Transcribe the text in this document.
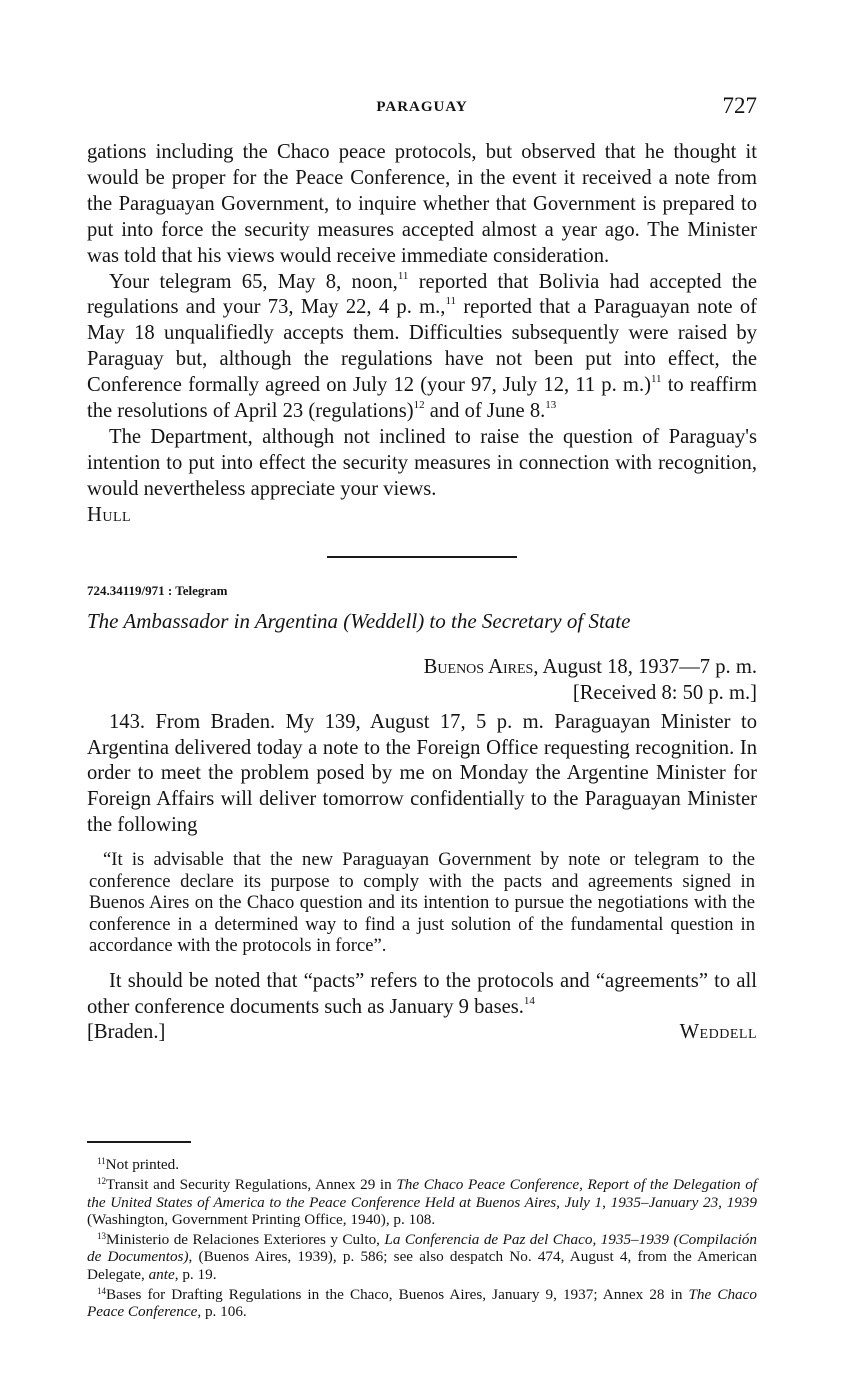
PARAGUAY	727

gations including the Chaco peace protocols, but observed that he thought it would be proper for the Peace Conference, in the event it received a note from the Paraguayan Government, to inquire whether that Government is prepared to put into force the security measures accepted almost a year ago. The Minister was told that his views would receive immediate consideration.

Your telegram 65, May 8, noon,$^{11}$ reported that Bolivia had accepted the regulations and your 73, May 22, 4 p. m.,$^{11}$ reported that a Paraguayan note of May 18 unqualifiedly accepts them. Difficulties subsequently were raised by Paraguay but, although the regulations have not been put into effect, the Conference formally agreed on July 12 (your 97, July 12, 11 p. m.)$^{11}$ to reaffirm the resolutions of April 23 (regulations)$^{12}$ and of June 8.13

The Department, although not inclined to raise the question of Paraguay's intention to put into effect the security measures in connection with recognition, would nevertheless appreciate your views.

Hull

724.34119/971 : Telegram
The Ambassador in Argentina (Weddell) to the Secretary of State
Buenos Aires, August 18, 1937—7 p. m.
[Received 8: 50 p. m.]

143. From Braden. My 139, August 17, 5 p. m. Paraguayan Minister to Argentina delivered today a note to the Foreign Office requesting recognition. In order to meet the problem posed by me on Monday the Argentine Minister for Foreign Affairs will deliver tomorrow confidentially to the Paraguayan Minister the following

“It is advisable that the new Paraguayan Government by note or telegram to the conference declare its purpose to comply with the pacts and agreements signed in Buenos Aires on the Chaco question and its intention to pursue the negotiations with the conference in a determined way to find a just solution of the fundamental question in accordance with the protocols in force”.

It should be noted that “pacts” refers to the protocols and “agreements” to all other conference documents such as January 9 bases.$^{14}$

[Braden.]	Weddell

$^{11}$Not printed.

$^{12}$Transit and Security Regulations, Annex 29 in The Chaco Peace Conference, Report of the Delegation of the United States of America to the Peace Conference Held at Buenos Aires, July 1, 1935–January 23, 1939 (Washington, Government Printing Office, 1940), p. 108.

$^{13}$Ministerio de Relaciones Exteriores y Culto, La Conferencia de Paz del Chaco, 1935–1939 (Compilación de Documentos), (Buenos Aires, 1939), p. 586; see also despatch No. 474, August 4, from the American Delegate, ante, p. 19.

$^{14}$Bases for Drafting Regulations in the Chaco, Buenos Aires, January 9, 1937; Annex 28 in The Chaco Peace Conference, p. 106.
